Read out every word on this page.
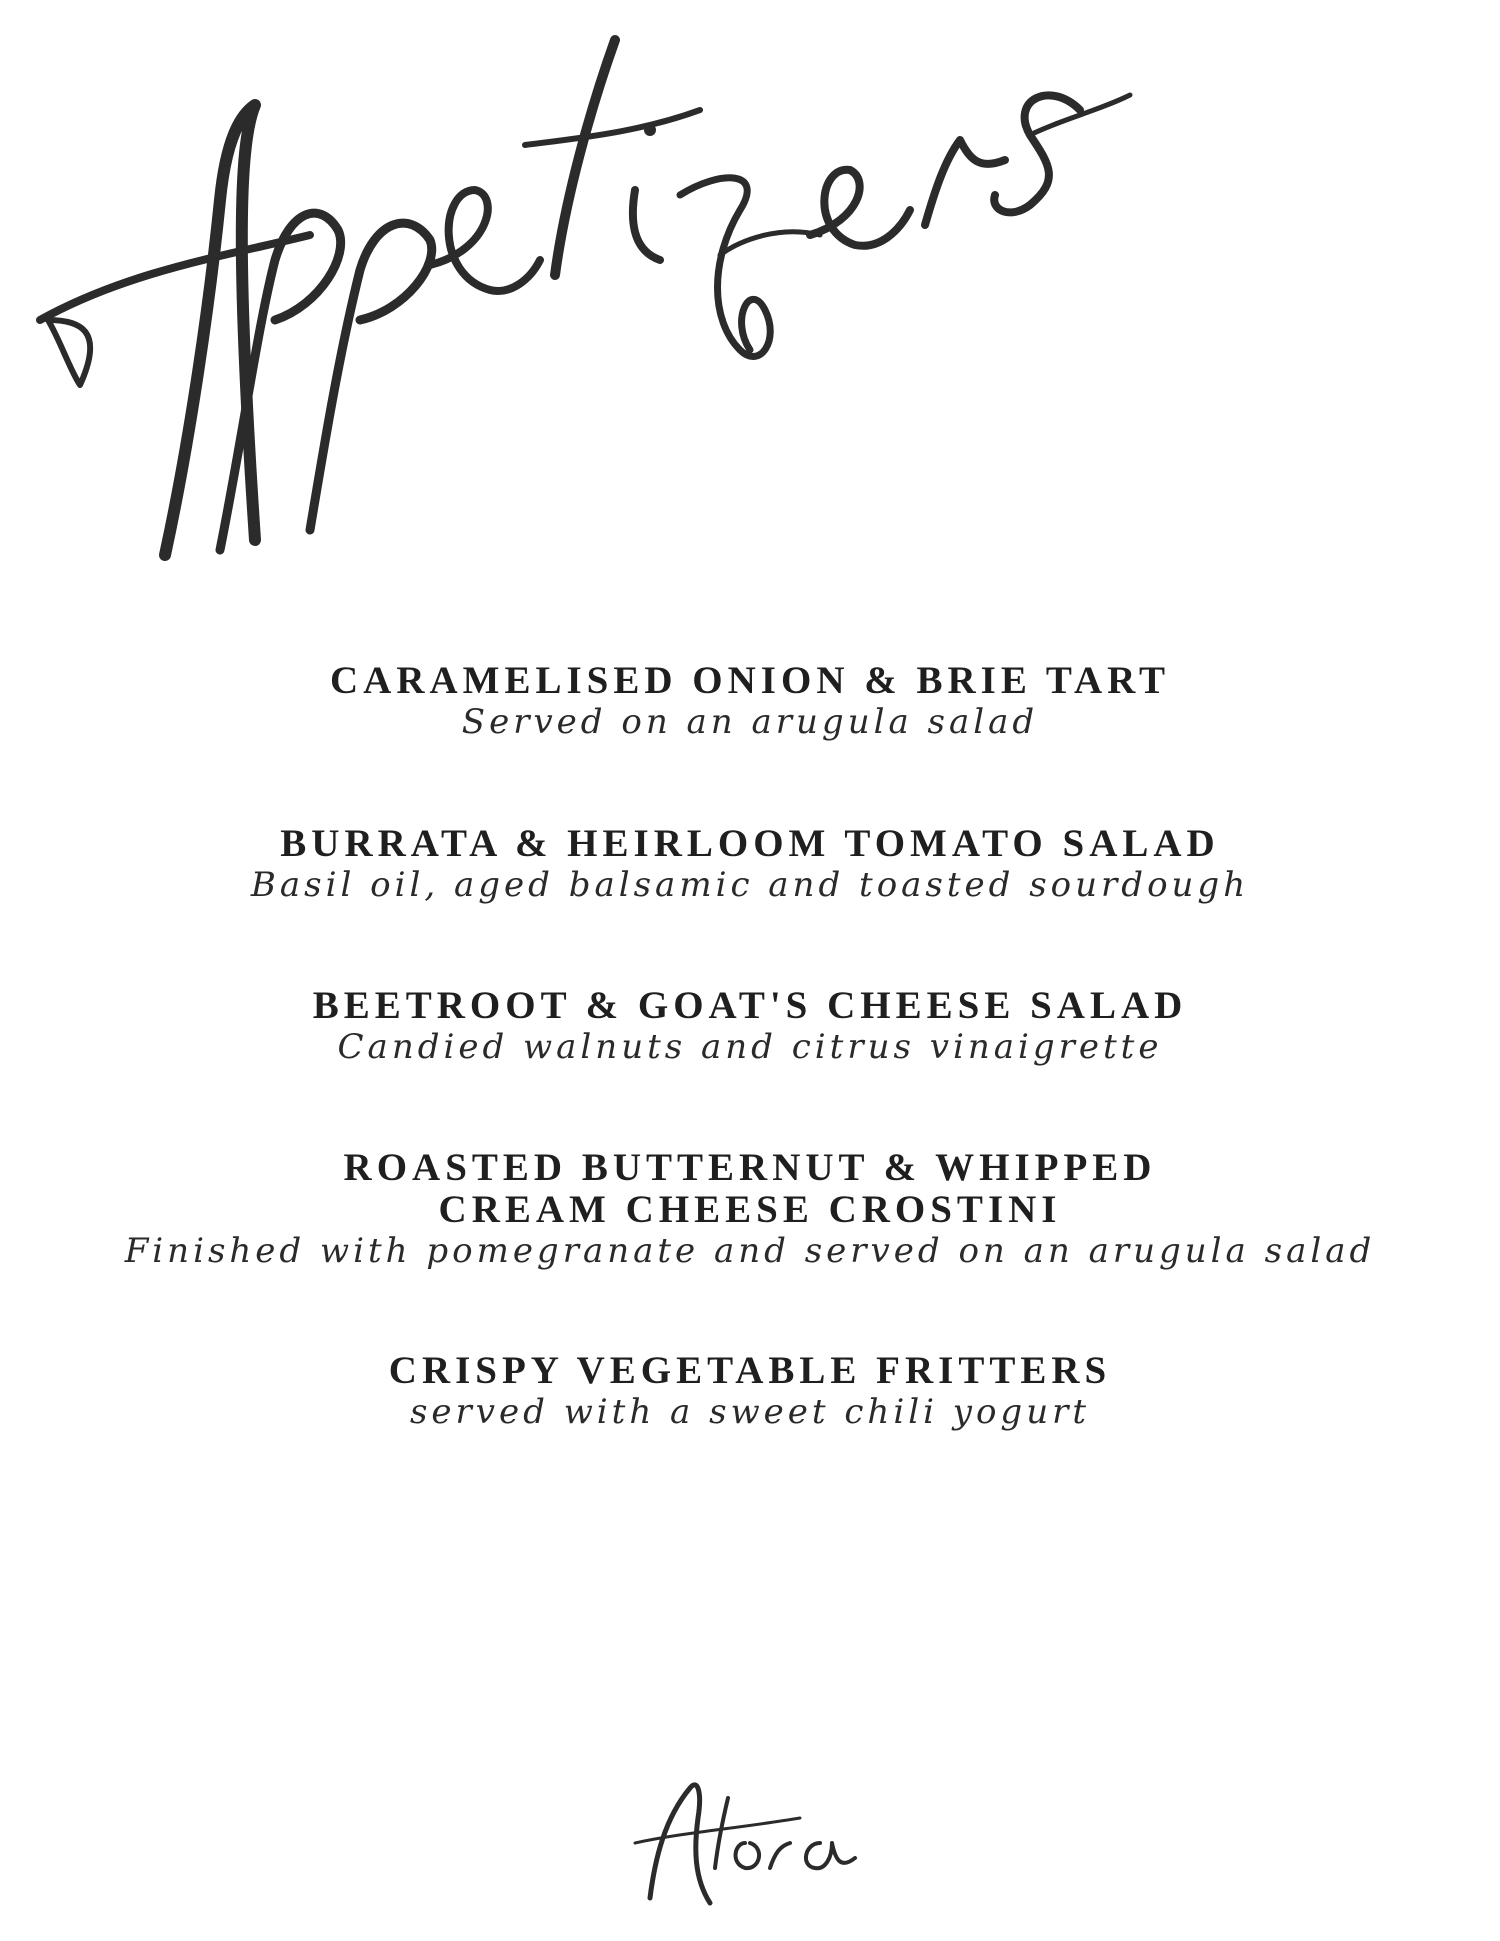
CARAMELISED ONION & BRIE TART
Served on an arugula salad
BURRATA & HEIRLOOM TOMATO SALAD
Basil oil, aged balsamic and toasted sourdough
BEETROOT & GOAT'S CHEESE SALAD
Candied walnuts and citrus vinaigrette
ROASTED BUTTERNUT & WHIPPED
CREAM CHEESE CROSTINI
Finished with pomegranate and served on an arugula salad
CRISPY VEGETABLE FRITTERS
served with a sweet chili yogurt
